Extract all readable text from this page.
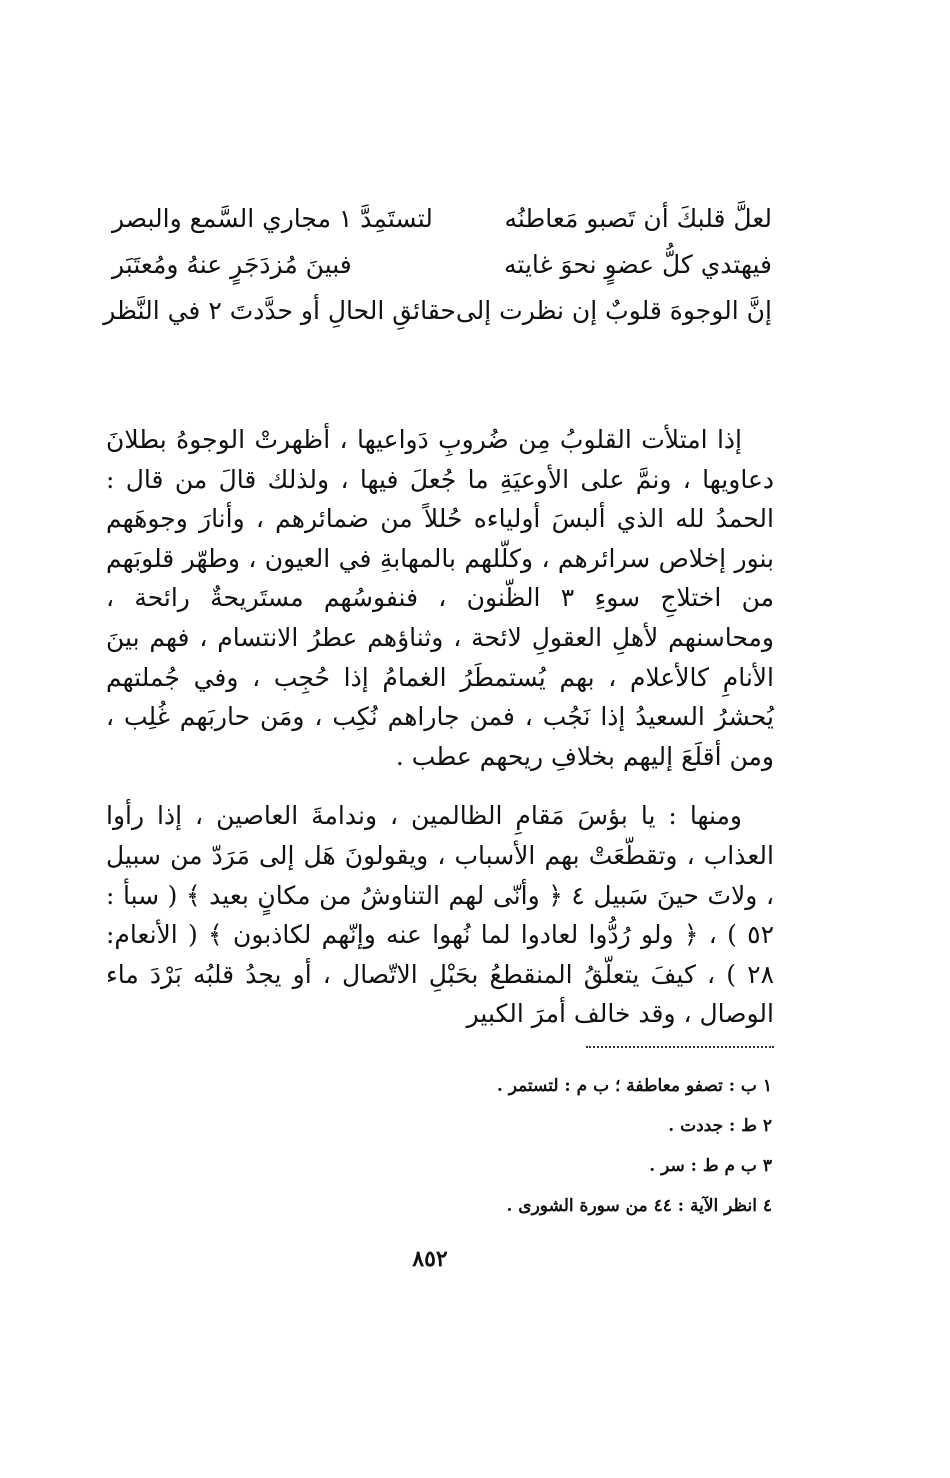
لعلَّ قلبكَ أن تَصبو مَعاطنُه
لتستَمِدَّ ١ مجاري السَّمع والبصر
فيهتدي كلُّ عضوٍ نحوَ غايته
فبينَ مُزدَجَرٍ عنهُ ومُعتَبَر
إنَّ الوجوهَ قلوبٌ إن نظرت إلى
حقائقِ الحالِ أو حدَّدتَ ٢ في النَّظر

إذا امتلأت القلوبُ مِن ضُروبِ دَواعيها ، أظهرتْ الوجوهُ بطلانَ دعاويها ، ونمَّ على الأوعيَةِ ما جُعلَ فيها ، ولذلك قالَ من قال : الحمدُ لله الذي ألبسَ أولياءه حُللاً من ضمائرهم ، وأنارَ وجوهَهم بنور إخلاص سرائرهم ، وكلّلهم بالمهابةِ في العيون ، وطهّر قلوبَهم من اختلاجِ سوءِ ٣ الظّنون ، فنفوسُهم مستَريحةٌ رائحة ، ومحاسنهم لأهلِ العقولِ لائحة ، وثناؤهم عطرُ الانتسام ، فهم بينَ الأنامِ كالأعلام ، بهم يُستمطَرُ الغمامُ إذا حُجِب ، وفي جُملتهم يُحشرُ السعيدُ إذا نَجُب ، فمن جاراهم نُكِب ، ومَن حاربَهم غُلِب ، ومن أقلَعَ إليهم بخلافِ ريحهم عطب .

ومنها : يا بؤسَ مَقامِ الظالمين ، وندامةَ العاصين ، إذا رأوا العذاب ، وتقطّعَتْ بهم الأسباب ، ويقولونَ هَل إلى مَرَدّ من سبيل ، ولاتَ حينَ سَبيل ٤ ﴿ وأنّى لهم التناوشُ من مكانٍ بعيد ﴾ ( سبأ : ٥٢ ) ، ﴿ ولو رُدُّوا لعادوا لما نُهوا عنه وإنّهم لكاذبون ﴾ ( الأنعام: ٢٨ ) ، كيفَ يتعلّقُ المنقطعُ بحَبْلِ الاتّصال ، أو يجدُ قلبُه بَرْدَ ماء الوصال ، وقد خالف أمرَ الكبير

١ ب : تصفو معاطفة ؛ ب م : لتستمر .
٢ ط : جددت .
٣ ب م ط : سر .
٤ انظر الآية : ٤٤ من سورة الشورى .
٨٥٢
